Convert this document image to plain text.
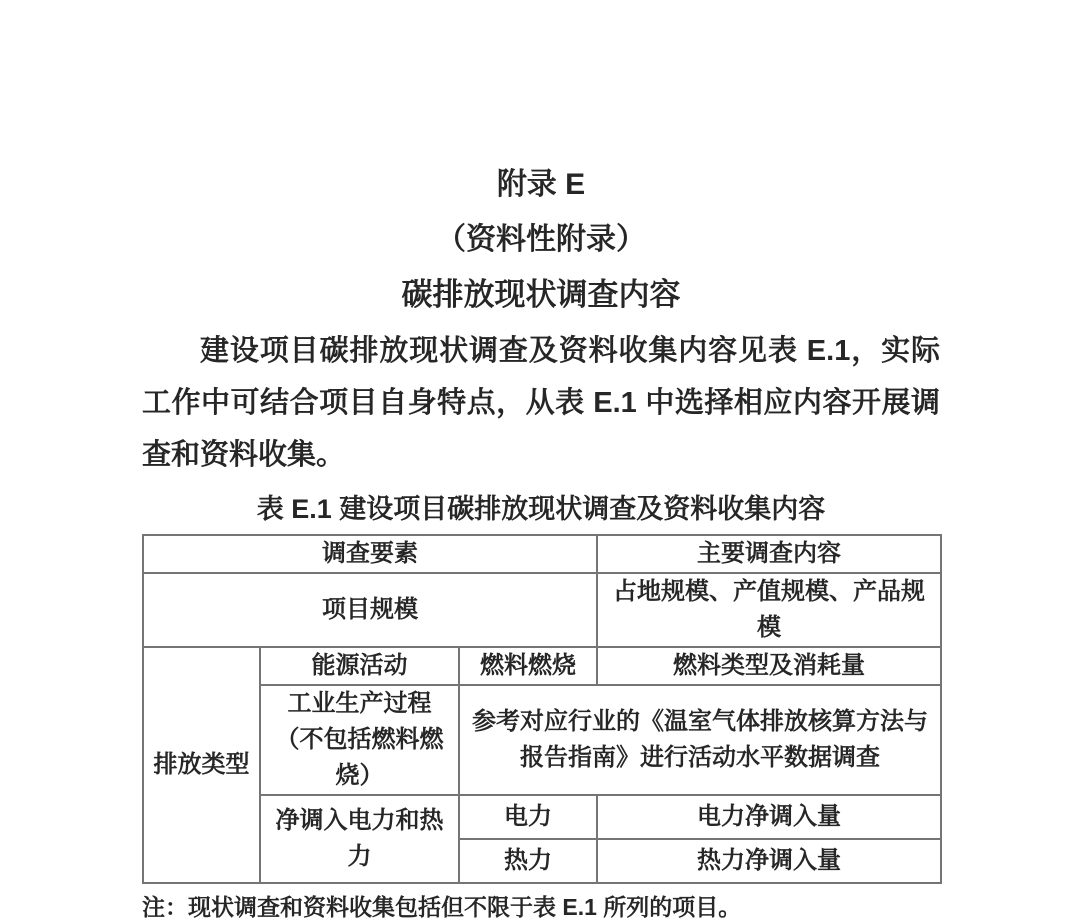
附录 E
（资料性附录）
碳排放现状调查内容

建设项目碳排放现状调查及资料收集内容见表 E.1，实际工作中可结合项目自身特点，从表 E.1 中选择相应内容开展调查和资料收集。

表 E.1 建设项目碳排放现状调查及资料收集内容
调查要素			主要调查内容
项目规模			占地规模、产值规模、产品规模
排放类型	能源活动	燃料燃烧	燃料类型及消耗量
	工业生产过程（不包括燃料燃烧）	参考对应行业的《温室气体排放核算方法与报告指南》进行活动水平数据调查	
	净调入电力和热力	电力	电力净调入量
		热力	热力净调入量
注：现状调查和资料收集包括但不限于表 E.1 所列的项目。
